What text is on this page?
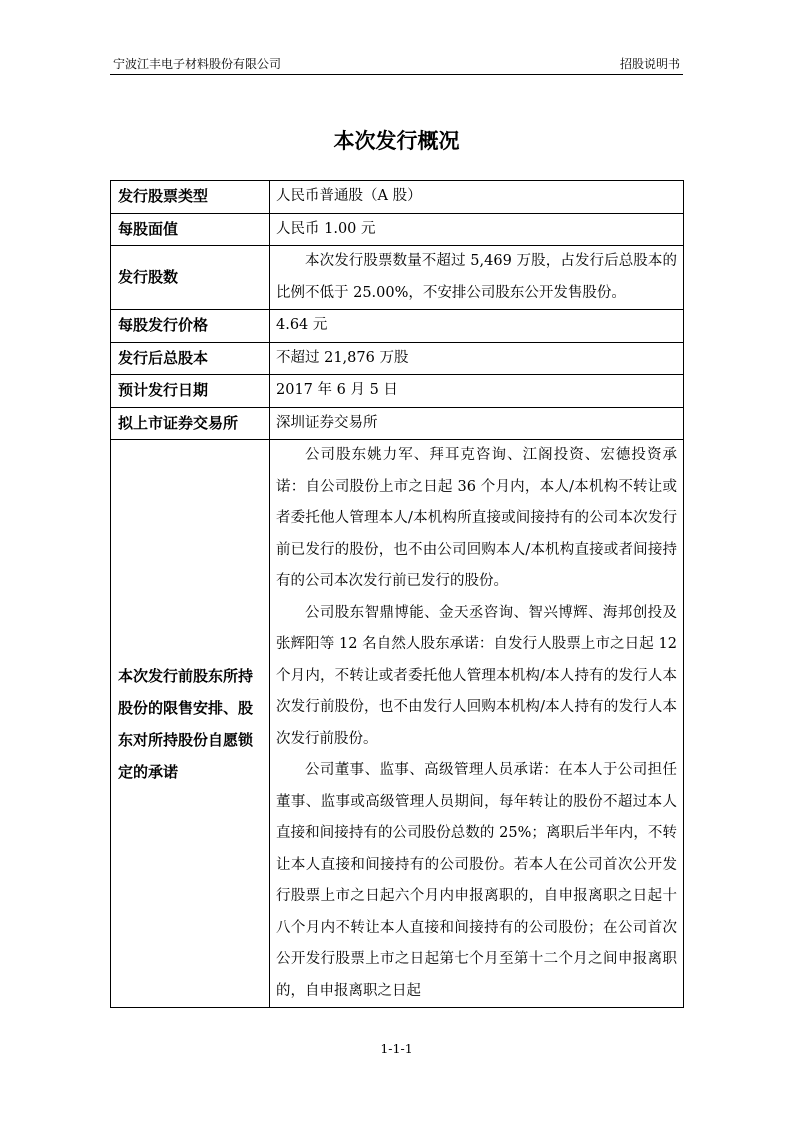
宁波江丰电子材料股份有限公司	招股说明书
本次发行概况
发行股票类型	人民币普通股（A 股）
每股面值	人民币 1.00 元
发行股数	本次发行股票数量不超过 5,469 万股，占发行后总股本的比例不低于 25.00%，不安排公司股东公开发售股份。

每股发行价格	4.64 元
发行后总股本	不超过 21,876 万股
预计发行日期	2017 年 6 月 5 日
拟上市证券交易所	深圳证券交易所
本次发行前股东所持股份的限售安排、股东对所持股份自愿锁定的承诺	公司股东姚力军、拜耳克咨询、江阁投资、宏德投资承诺：自公司股份上市之日起 36 个月内，本人/本机构不转让或者委托他人管理本人/本机构所直接或间接持有的公司本次发行前已发行的股份，也不由公司回购本人/本机构直接或者间接持有的公司本次发行前已发行的股份。

公司股东智鼎博能、金天丞咨询、智兴博辉、海邦创投及张辉阳等 12 名自然人股东承诺：自发行人股票上市之日起 12 个月内，不转让或者委托他人管理本机构/本人持有的发行人本次发行前股份，也不由发行人回购本机构/本人持有的发行人本次发行前股份。

公司董事、监事、高级管理人员承诺：在本人于公司担任董事、监事或高级管理人员期间，每年转让的股份不超过本人直接和间接持有的公司股份总数的 25%；离职后半年内，不转让本人直接和间接持有的公司股份。若本人在公司首次公开发行股票上市之日起六个月内申报离职的，自申报离职之日起十八个月内不转让本人直接和间接持有的公司股份；在公司首次公开发行股票上市之日起第七个月至第十二个月之间申报离职的，自申报离职之日起

1-1-1
